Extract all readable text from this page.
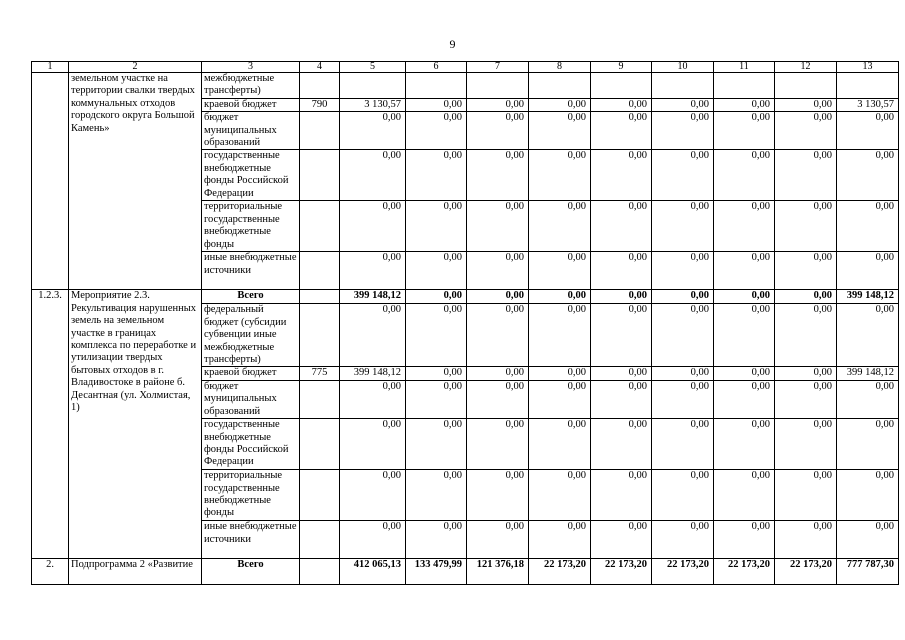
9
1	2	3	4	5	6	7	8	9	10	11	12	13
	земельном участке на территории свалки твердых коммунальных отходов городского округа Большой Камень»	межбюджетные трансферты)										
		краевой бюджет	790	3 130,57	0,00	0,00	0,00	0,00	0,00	0,00	0,00	3 130,57
		бюджет муниципальных образований		0,00	0,00	0,00	0,00	0,00	0,00	0,00	0,00	0,00
		государственные внебюджетные фонды Российской Федерации		0,00	0,00	0,00	0,00	0,00	0,00	0,00	0,00	0,00
		территориальные государственные внебюджетные фонды		0,00	0,00	0,00	0,00	0,00	0,00	0,00	0,00	0,00
		иные внебюджетные источники		0,00	0,00	0,00	0,00	0,00	0,00	0,00	0,00	0,00
1.2.3.	Мероприятие 2.3. Рекультивация нарушенных земель на земельном участке в границах комплекса по переработке и утилизации твердых бытовых отходов в г. Владивостоке в районе б. Десантная (ул. Холмистая, 1)	Всего		399 148,12	0,00	0,00	0,00	0,00	0,00	0,00	0,00	399 148,12
		федеральный бюджет (субсидии субвенции иные межбюджетные трансферты)		0,00	0,00	0,00	0,00	0,00	0,00	0,00	0,00	0,00
		краевой бюджет	775	399 148,12	0,00	0,00	0,00	0,00	0,00	0,00	0,00	399 148,12
		бюджет муниципальных образований		0,00	0,00	0,00	0,00	0,00	0,00	0,00	0,00	0,00
		государственные внебюджетные фонды Российской Федерации		0,00	0,00	0,00	0,00	0,00	0,00	0,00	0,00	0,00
		территориальные государственные внебюджетные фонды		0,00	0,00	0,00	0,00	0,00	0,00	0,00	0,00	0,00
		иные внебюджетные источники		0,00	0,00	0,00	0,00	0,00	0,00	0,00	0,00	0,00
2.	Подпрограмма 2 «Развитие	Всего		412 065,13	133 479,99	121 376,18	22 173,20	22 173,20	22 173,20	22 173,20	22 173,20	777 787,30
